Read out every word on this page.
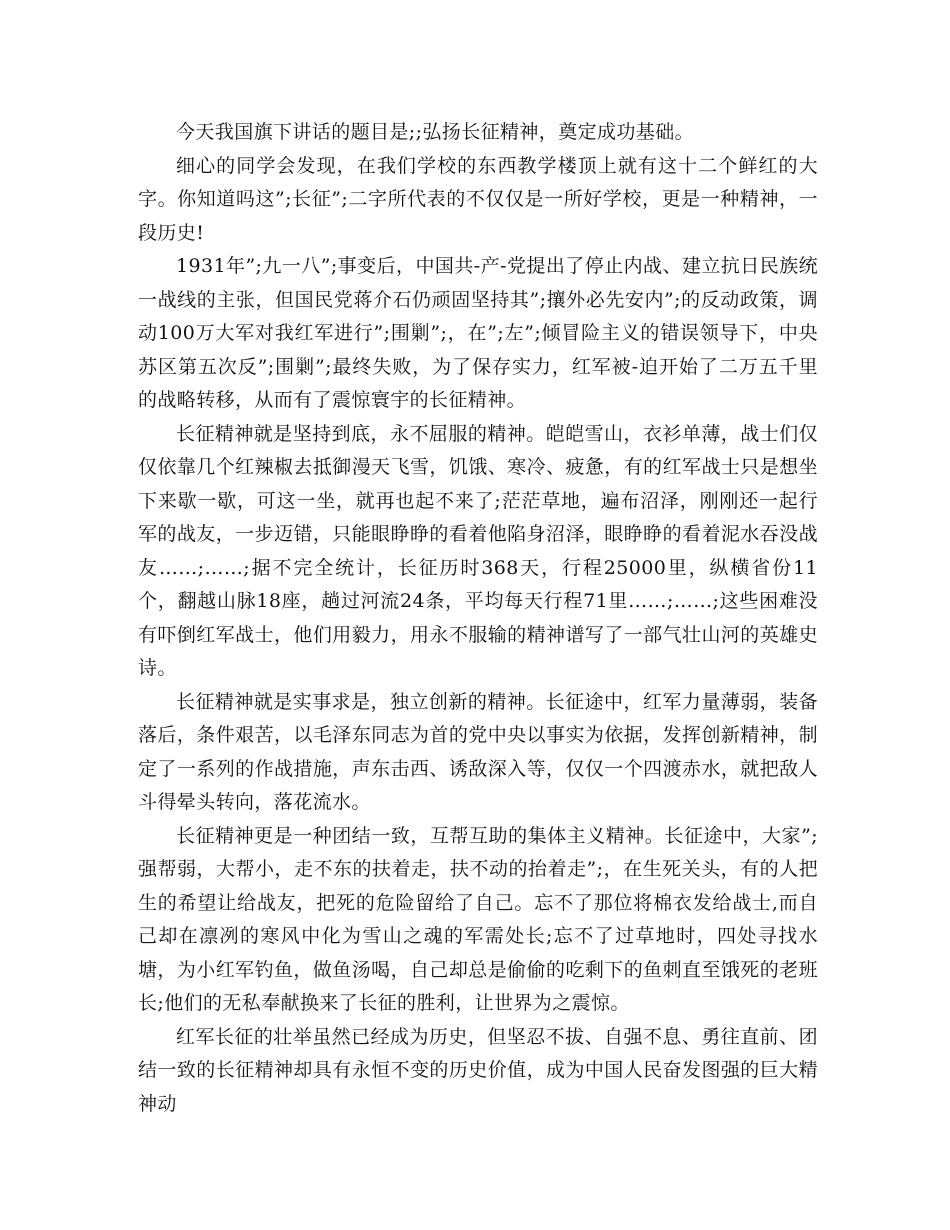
今天我国旗下讲话的题目是;;弘扬长征精神，奠定成功基础。

细心的同学会发现，在我们学校的东西教学楼顶上就有这十二个鲜红的大字。你知道吗这”;长征”;二字所代表的不仅仅是一所好学校，更是一种精神，一段历史!

1931年”;九一八”;事变后，中国共-产-党提出了停止内战、建立抗日民族统一战线的主张，但国民党蒋介石仍顽固坚持其”;攘外必先安内”;的反动政策，调动100万大军对我红军进行”;围剿”;，在”;左”;倾冒险主义的错误领导下，中央苏区第五次反”;围剿”;最终失败，为了保存实力，红军被-迫开始了二万五千里的战略转移，从而有了震惊寰宇的长征精神。

长征精神就是坚持到底，永不屈服的精神。皑皑雪山，衣衫单薄，战士们仅仅依靠几个红辣椒去抵御漫天飞雪，饥饿、寒冷、疲惫，有的红军战士只是想坐下来歇一歇，可这一坐，就再也起不来了;茫茫草地，遍布沼泽，刚刚还一起行军的战友，一步迈错，只能眼睁睁的看着他陷身沼泽，眼睁睁的看着泥水吞没战友……;……;据不完全统计，长征历时368天，行程25000里，纵横省份11个，翻越山脉18座，趟过河流24条，平均每天行程71里……;……;这些困难没有吓倒红军战士，他们用毅力，用永不服输的精神谱写了一部气壮山河的英雄史诗。

长征精神就是实事求是，独立创新的精神。长征途中，红军力量薄弱，装备落后，条件艰苦，以毛泽东同志为首的党中央以事实为依据，发挥创新精神，制定了一系列的作战措施，声东击西、诱敌深入等，仅仅一个四渡赤水，就把敌人斗得晕头转向，落花流水。

长征精神更是一种团结一致，互帮互助的集体主义精神。长征途中，大家”;强帮弱，大帮小，走不东的扶着走，扶不动的抬着走”;，在生死关头，有的人把生的希望让给战友，把死的危险留给了自己。忘不了那位将棉衣发给战士,而自己却在凛冽的寒风中化为雪山之魂的军需处长;忘不了过草地时，四处寻找水塘，为小红军钓鱼，做鱼汤喝，自己却总是偷偷的吃剩下的鱼刺直至饿死的老班长;他们的无私奉献换来了长征的胜利，让世界为之震惊。

红军长征的壮举虽然已经成为历史，但坚忍不拔、自强不息、勇往直前、团结一致的长征精神却具有永恒不变的历史价值，成为中国人民奋发图强的巨大精神动
